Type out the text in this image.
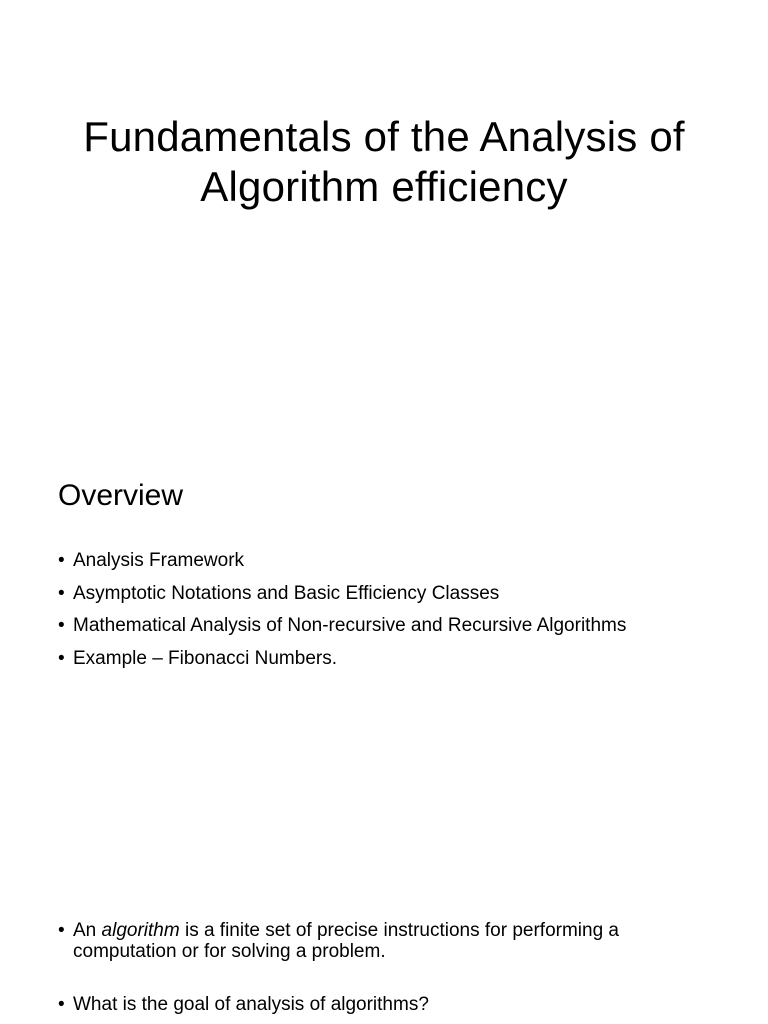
Fundamentals of the Analysis of Algorithm efficiency
Overview
• Analysis Framework
• Asymptotic Notations and Basic Efficiency Classes
• Mathematical Analysis of Non-recursive and Recursive Algorithms
• Example – Fibonacci Numbers.
• An algorithm is a finite set of precise instructions for performing a computation or for solving a problem.
• What is the goal of analysis of algorithms?
